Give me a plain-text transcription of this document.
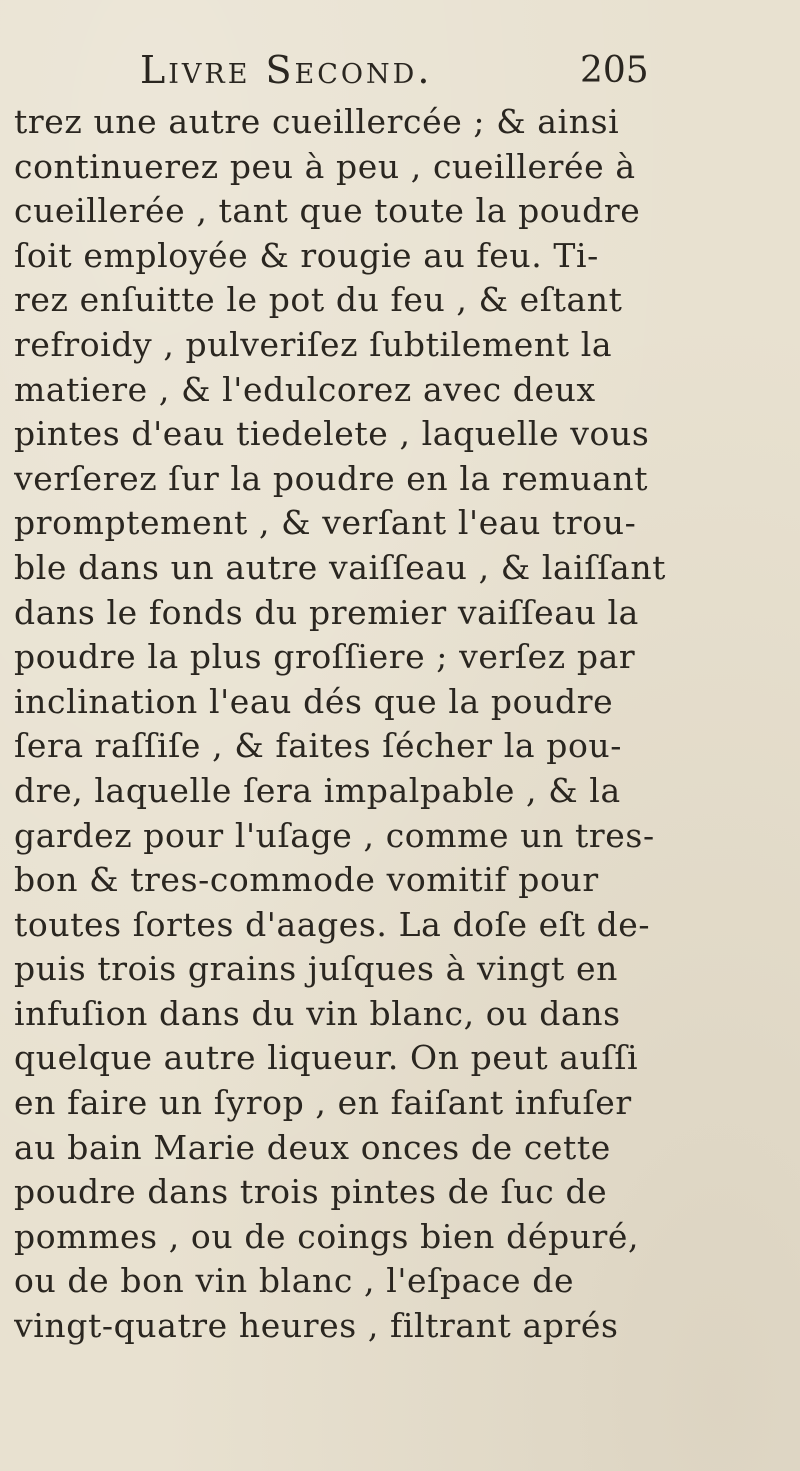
Livre Second.	205
trez une autre cueillercée ; & ainsi
continuerez peu à peu , cueillerée à
cueillerée , tant que toute la poudre
ſoit employée & rougie au feu. Ti-
rez enſuitte le pot du feu , & eſtant
refroidy , pulveriſez ſubtilement la
matiere , & l'edulcorez avec deux
pintes d'eau tiedelete , laquelle vous
verſerez ſur la poudre en la remuant
promptement , & verſant l'eau trou-
ble dans un autre vaiſſeau , & laiſſant
dans le fonds du premier vaiſſeau la
poudre la plus groſſiere ; verſez par
inclination l'eau dés que la poudre
ſera raſſiſe , & faites ſécher la pou-
dre, laquelle ſera impalpable , & la
gardez pour l'uſage , comme un tres-
bon & tres-commode vomitif pour
toutes ſortes d'aages. La doſe eſt de-
puis trois grains juſques à vingt en
infuſion dans du vin blanc, ou dans
quelque autre liqueur. On peut auſſi
en faire un ſyrop , en faiſant infuſer
au bain Marie deux onces de cette
poudre dans trois pintes de ſuc de
pommes , ou de coings bien dépuré,
ou de bon vin blanc , l'eſpace de
vingt-quatre heures , filtrant aprés
